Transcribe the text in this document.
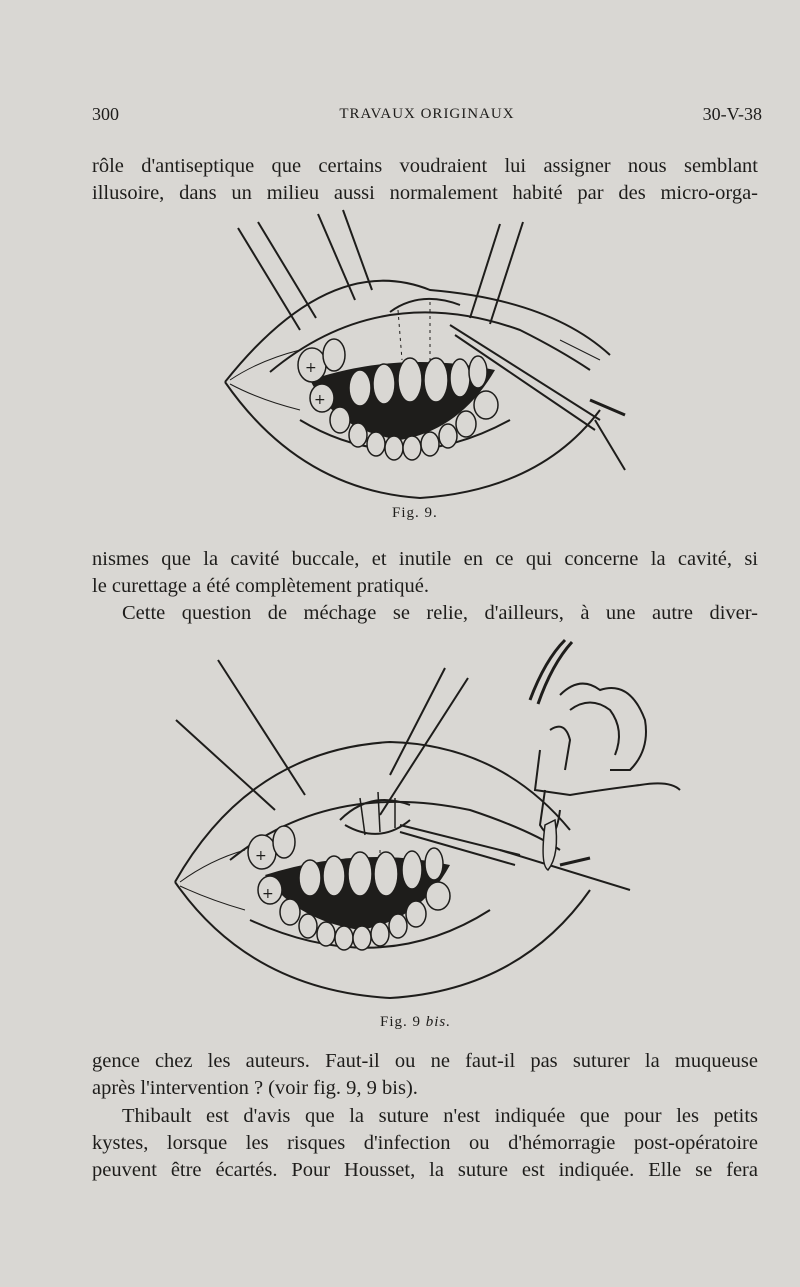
300	TRAVAUX ORIGINAUX	30-V-38
rôle d'antiseptique que certains voudraient lui assigner nous semblant
illusoire, dans un milieu aussi normalement habité par des micro-orga-
+
+
Fig. 9.
nismes que la cavité buccale, et inutile en ce qui concerne la cavité, si
le curettage a été complètement pratiqué.
Cette question de méchage se relie, d'ailleurs, à une autre diver-
+
+
Fig. 9 bis.
gence chez les auteurs. Faut-il ou ne faut-il pas suturer la muqueuse
après l'intervention ? (voir fig. 9, 9 bis).
Thibault est d'avis que la suture n'est indiquée que pour les petits
kystes, lorsque les risques d'infection ou d'hémorragie post-opératoire
peuvent être écartés. Pour Housset, la suture est indiquée. Elle se fera
